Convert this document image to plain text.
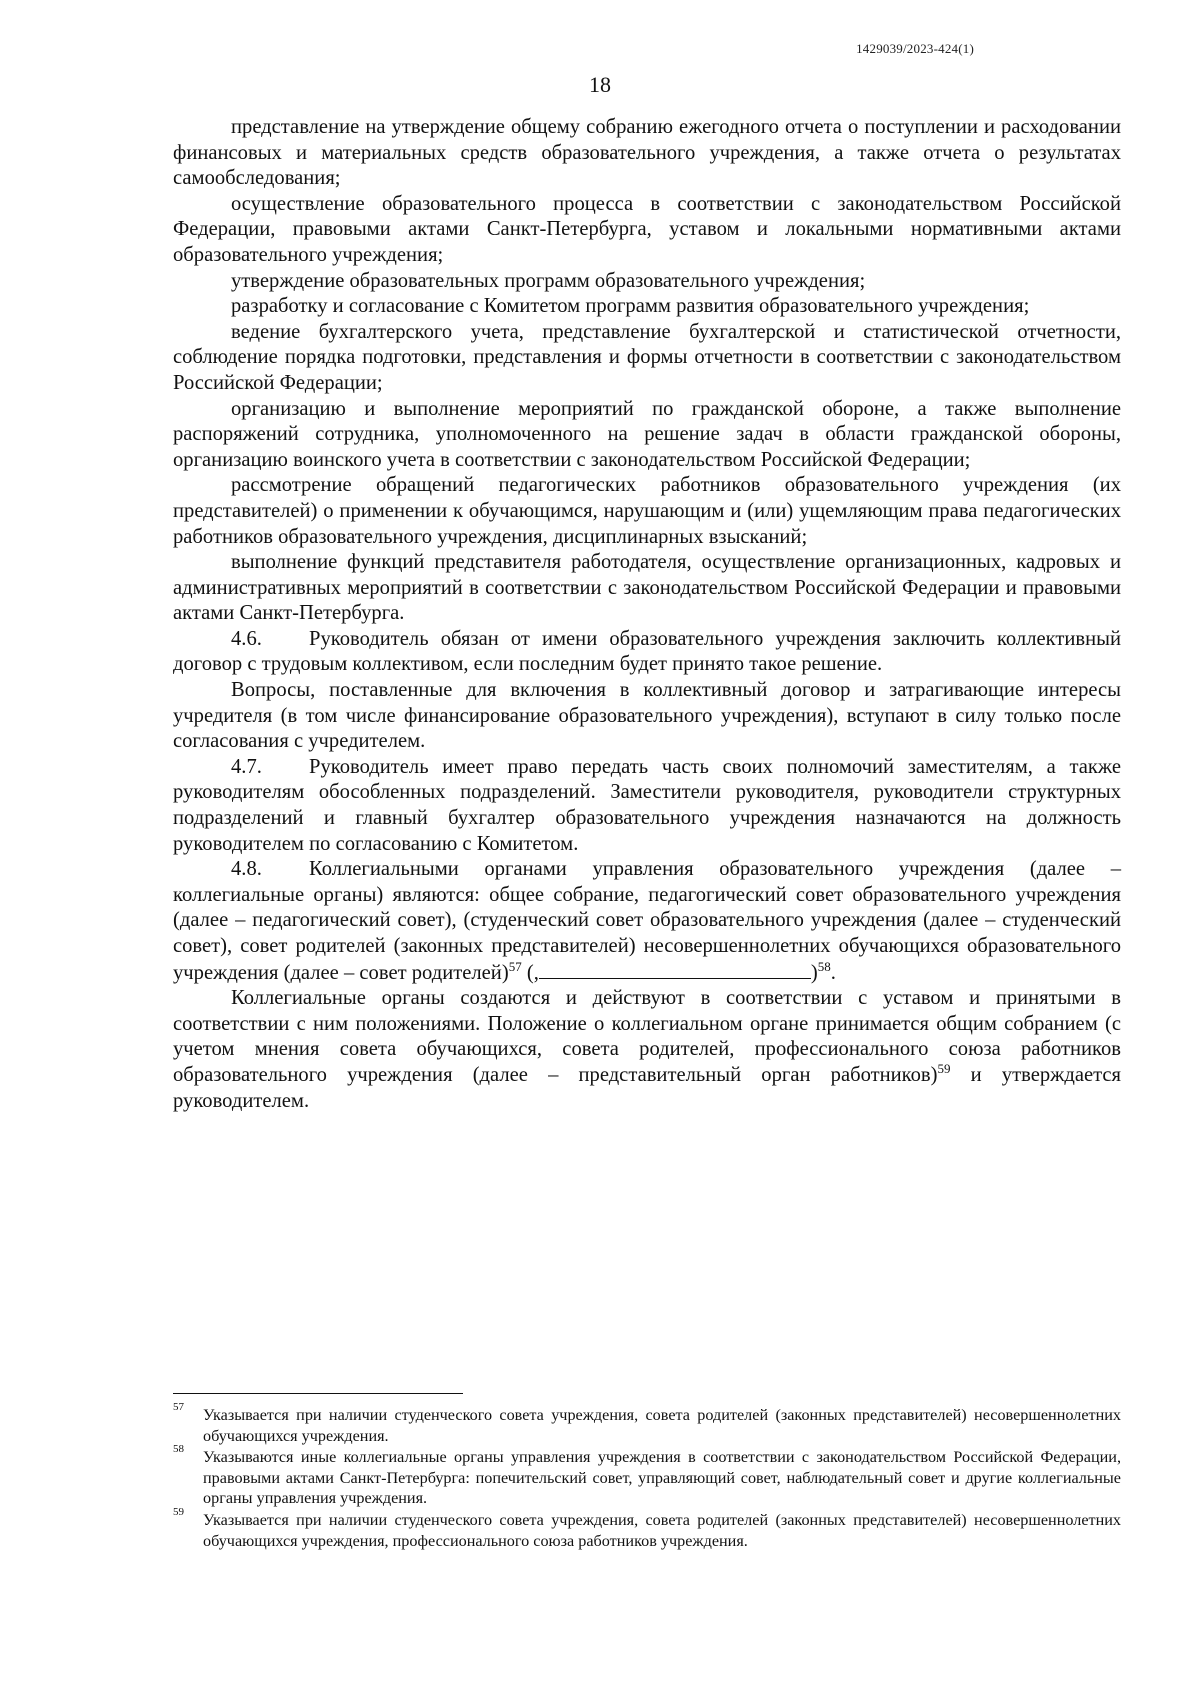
1429039/2023-424(1)
18

представление на утверждение общему собранию ежегодного отчета о поступлении и расходовании финансовых и материальных средств образовательного учреждения, а также отчета о результатах самообследования;

осуществление образовательного процесса в соответствии с законодательством Российской Федерации, правовыми актами Санкт-Петербурга, уставом и локальными нормативными актами образовательного учреждения;

утверждение образовательных программ образовательного учреждения;

разработку и согласование с Комитетом программ развития образовательного учреждения;

ведение бухгалтерского учета, представление бухгалтерской и статистической отчетности, соблюдение порядка подготовки, представления и формы отчетности в соответствии с законодательством Российской Федерации;

организацию и выполнение мероприятий по гражданской обороне, а также выполнение распоряжений сотрудника, уполномоченного на решение задач в области гражданской обороны, организацию воинского учета в соответствии с законодательством Российской Федерации;

рассмотрение обращений педагогических работников образовательного учреждения (их представителей) о применении к обучающимся, нарушающим и (или) ущемляющим права педагогических работников образовательного учреждения, дисциплинарных взысканий;

выполнение функций представителя работодателя, осуществление организационных, кадровых и административных мероприятий в соответствии с законодательством Российской Федерации и правовыми актами Санкт-Петербурга.

4.6. Руководитель обязан от имени образовательного учреждения заключить коллективный договор с трудовым коллективом, если последним будет принято такое решение.

Вопросы, поставленные для включения в коллективный договор и затрагивающие интересы учредителя (в том числе финансирование образовательного учреждения), вступают в силу только после согласования с учредителем.

4.7. Руководитель имеет право передать часть своих полномочий заместителям, а также руководителям обособленных подразделений. Заместители руководителя, руководители структурных подразделений и главный бухгалтер образовательного учреждения назначаются на должность руководителем по согласованию с Комитетом.

4.8. Коллегиальными органами управления образовательного учреждения (далее – коллегиальные органы) являются: общее собрание, педагогический совет образовательного учреждения (далее – педагогический совет), (студенческий совет образовательного учреждения (далее – студенческий совет), совет родителей (законных представителей) несовершеннолетних обучающихся образовательного учреждения (далее – совет родителей)$^{57}$ (,	)$^{58}$.

Коллегиальные органы создаются и действуют в соответствии с уставом и принятыми в соответствии с ним положениями. Положение о коллегиальном органе принимается общим собранием (с учетом мнения совета обучающихся, совета родителей, профессионального союза работников образовательного учреждения (далее – представительный орган работников)$^{59}$ и утверждается руководителем.

57 Указывается при наличии студенческого совета учреждения, совета родителей (законных представителей) несовершеннолетних обучающихся учреждения.
58 Указываются иные коллегиальные органы управления учреждения в соответствии с законодательством Российской Федерации, правовыми актами Санкт-Петербурга: попечительский совет, управляющий совет, наблюдательный совет и другие коллегиальные органы управления учреждения.
59 Указывается при наличии студенческого совета учреждения, совета родителей (законных представителей) несовершеннолетних обучающихся учреждения, профессионального союза работников учреждения.
